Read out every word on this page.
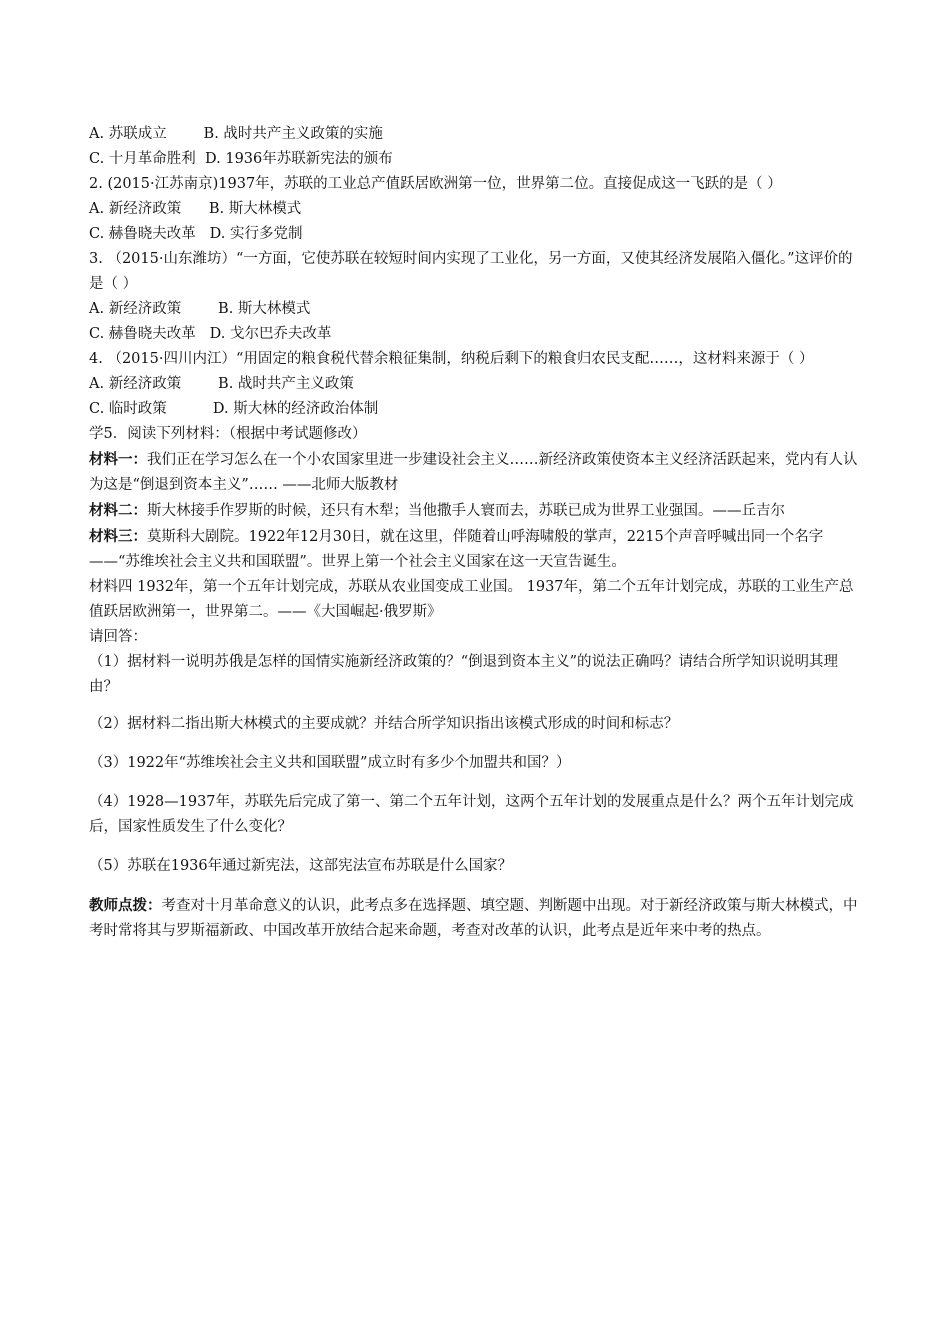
A. 苏联成立        B. 战时共产主义政策的实施
C. 十月革命胜利  D. 1936年苏联新宪法的颁布
2. (2015·江苏南京)1937年，苏联的工业总产值跃居欧洲第一位，世界第二位。直接促成这一飞跃的是（ ）
A. 新经济政策      B. 斯大林模式
C. 赫鲁晓夫改革   D. 实行多党制
3. （2015·山东潍坊）“一方面，它使苏联在较短时间内实现了工业化，另一方面，又使其经济发展陷入僵化。”这评价的是（ ）
A. 新经济政策        B. 斯大林模式
C. 赫鲁晓夫改革   D. 戈尔巴乔夫改革
4. （2015·四川内江）“用固定的粮食税代替余粮征集制，纳税后剩下的粮食归农民支配……，这材料来源于（ ）
A. 新经济政策        B. 战时共产主义政策
C. 临时政策          D. 斯大林的经济政治体制
学5．阅读下列材料：（根据中考试题修改）
材料一：我们正在学习怎么在一个小农国家里进一步建设社会主义……新经济政策使资本主义经济活跃起来，党内有人认为这是“倒退到资本主义”…… ——北师大版教材
材料二：斯大林接手作罗斯的时候，还只有木犁；当他撒手人寰而去，苏联已成为世界工业强国。——丘吉尔
材料三：莫斯科大剧院。1922年12月30日，就在这里，伴随着山呼海啸般的掌声，2215个声音呼喊出同一个名字——“苏维埃社会主义共和国联盟”。世界上第一个社会主义国家在这一天宣告诞生。
材料四 1932年，第一个五年计划完成，苏联从农业国变成工业国。 1937年，第二个五年计划完成，苏联的工业生产总值跃居欧洲第一，世界第二。——《大国崛起·俄罗斯》
请回答：
（1）据材料一说明苏俄是怎样的国情实施新经济政策的？“倒退到资本主义”的说法正确吗？请结合所学知识说明其理由？
（2）据材料二指出斯大林模式的主要成就？并结合所学知识指出该模式形成的时间和标志？
（3）1922年“苏维埃社会主义共和国联盟”成立时有多少个加盟共和国？）
（4）1928—1937年，苏联先后完成了第一、第二个五年计划，这两个五年计划的发展重点是什么？两个五年计划完成后，国家性质发生了什么变化？
（5）苏联在1936年通过新宪法，这部宪法宣布苏联是什么国家？
教师点拨：考查对十月革命意义的认识，此考点多在选择题、填空题、判断题中出现。对于新经济政策与斯大林模式，中考时常将其与罗斯福新政、中国改革开放结合起来命题，考查对改革的认识，此考点是近年来中考的热点。
